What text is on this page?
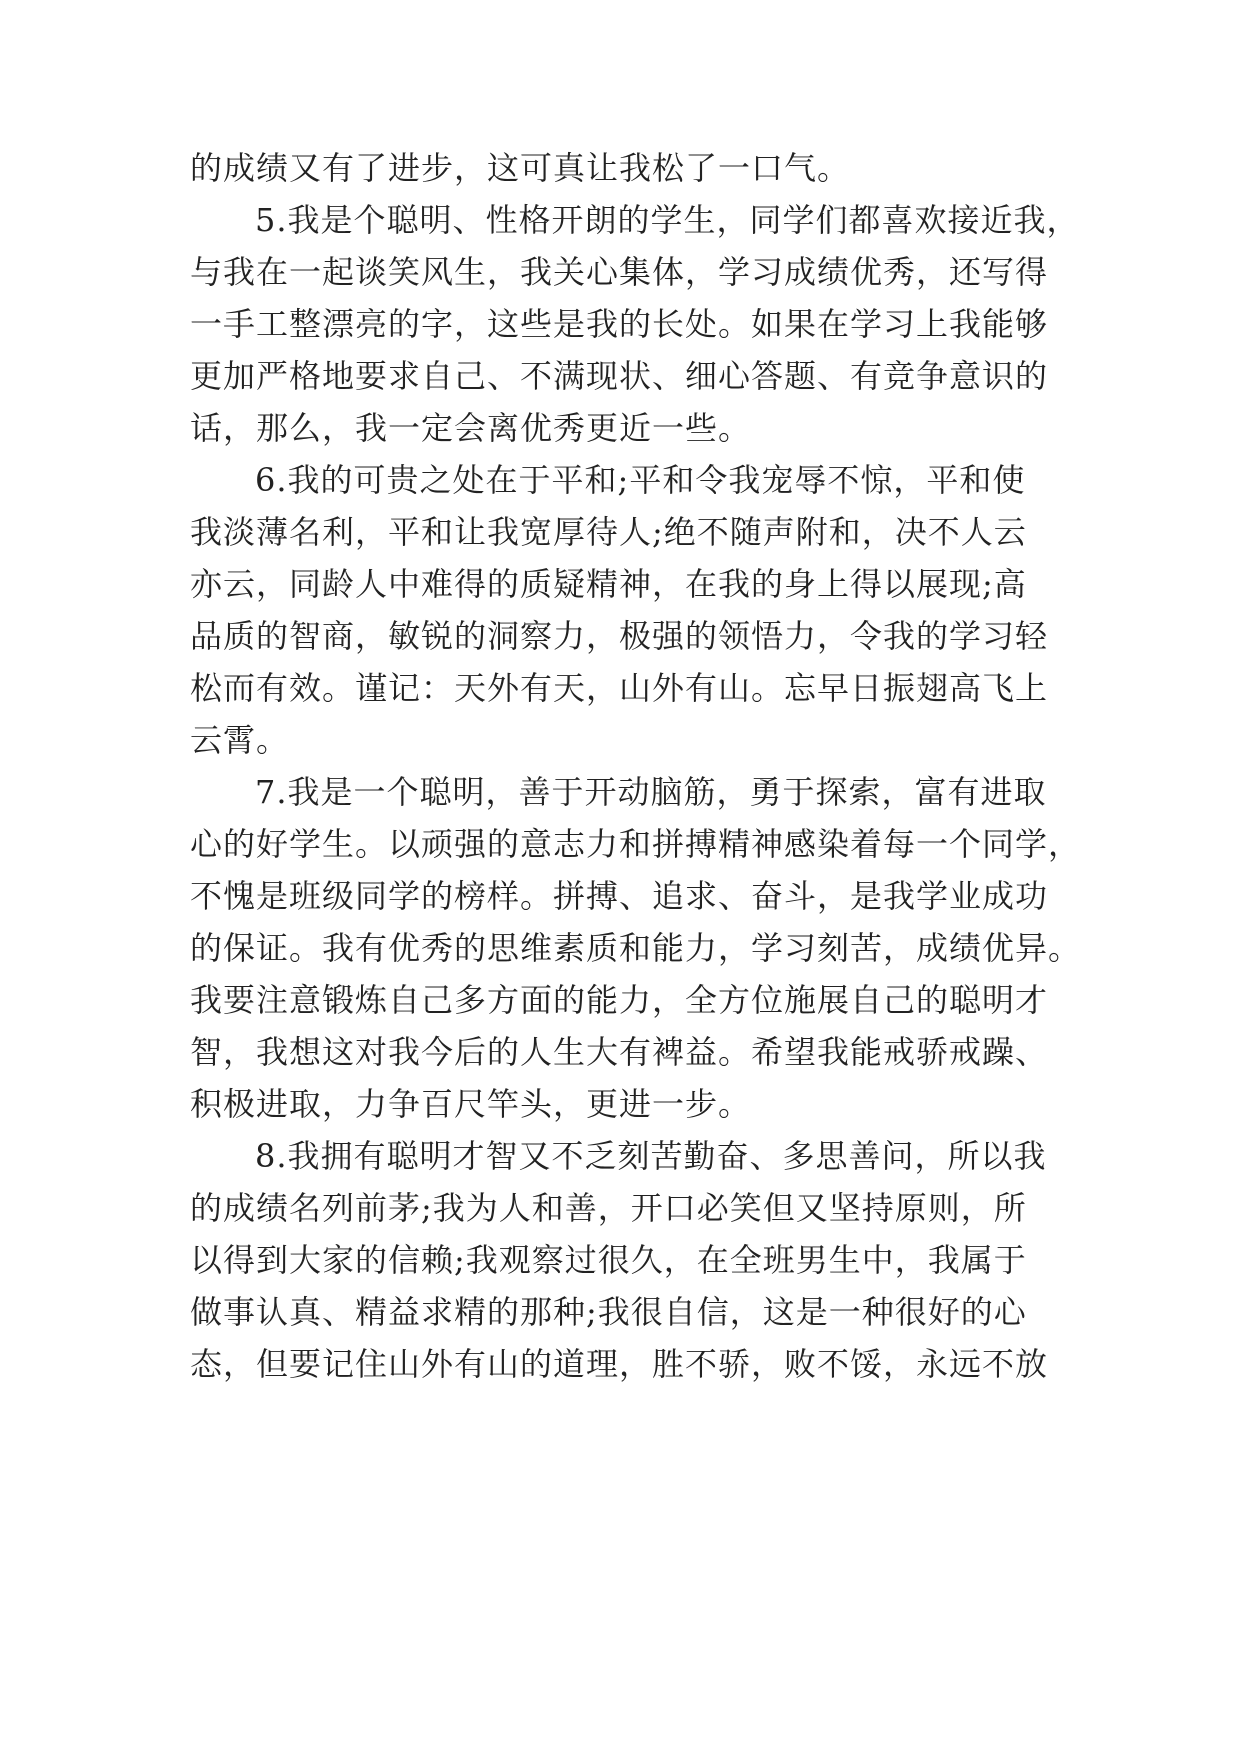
的成绩又有了进步，这可真让我松了一口气。
5.我是个聪明、性格开朗的学生，同学们都喜欢接近我，
与我在一起谈笑风生，我关心集体，学习成绩优秀，还写得
一手工整漂亮的字，这些是我的长处。如果在学习上我能够
更加严格地要求自己、不满现状、细心答题、有竞争意识的
话，那么，我一定会离优秀更近一些。
6.我的可贵之处在于平和;平和令我宠辱不惊，平和使
我淡薄名利，平和让我宽厚待人;绝不随声附和，决不人云
亦云，同龄人中难得的质疑精神，在我的身上得以展现;高
品质的智商，敏锐的洞察力，极强的领悟力，令我的学习轻
松而有效。谨记：天外有天，山外有山。忘早日振翅高飞上
云霄。
7.我是一个聪明，善于开动脑筋，勇于探索，富有进取
心的好学生。以顽强的意志力和拼搏精神感染着每一个同学，
不愧是班级同学的榜样。拼搏、追求、奋斗，是我学业成功
的保证。我有优秀的思维素质和能力，学习刻苦，成绩优异。
我要注意锻炼自己多方面的能力，全方位施展自己的聪明才
智，我想这对我今后的人生大有裨益。希望我能戒骄戒躁、
积极进取，力争百尺竿头，更进一步。
8.我拥有聪明才智又不乏刻苦勤奋、多思善问，所以我
的成绩名列前茅;我为人和善，开口必笑但又坚持原则，所
以得到大家的信赖;我观察过很久，在全班男生中，我属于
做事认真、精益求精的那种;我很自信，这是一种很好的心
态，但要记住山外有山的道理，胜不骄，败不馁，永远不放
